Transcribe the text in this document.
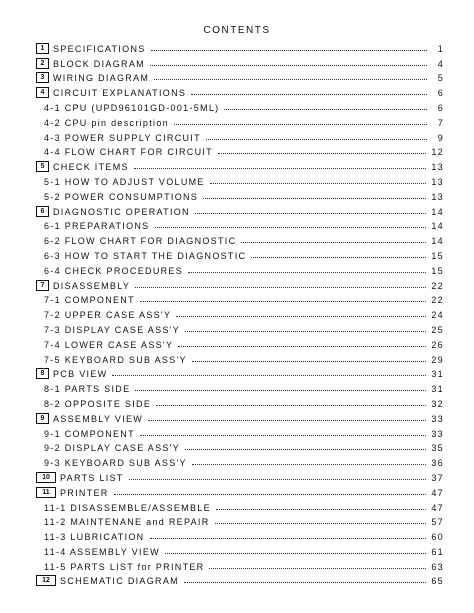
CONTENTS
1 SPECIFICATIONS	1
2 BLOCK DIAGRAM	4
3 WIRING DIAGRAM	5
4 CIRCUIT EXPLANATIONS	6
4-1 CPU (UPD96101GD-001-5ML)	6
4-2 CPU pin description	7
4-3 POWER SUPPLY CIRCUIT	9
4-4 FLOW CHART FOR CIRCUIT	12
5 CHECK ITEMS	13
5-1 HOW TO ADJUST VOLUME	13
5-2 POWER CONSUMPTIONS	13
6 DIAGNOSTIC OPERATION	14
6-1 PREPARATIONS	14
6-2 FLOW CHART FOR DIAGNOSTIC	14
6-3 HOW TO START THE DIAGNOSTIC	15
6-4 CHECK PROCEDURES	15
7 DISASSEMBLY	22
7-1 COMPONENT	22
7-2 UPPER CASE ASS'Y	24
7-3 DISPLAY CASE ASS'Y	25
7-4 LOWER CASE ASS'Y	26
7-5 KEYBOARD SUB ASS'Y	29
8 PCB VIEW	31
8-1 PARTS SIDE	31
8-2 OPPOSITE SIDE	32
9 ASSEMBLY VIEW	33
9-1 COMPONENT	33
9-2 DISPLAY CASE ASS'Y	35
9-3 KEYBOARD SUB ASS'Y	36
10	PARTS LIST	37
11	PRINTER	47
11-1 DISASSEMBLE/ASSEMBLE	47
11-2 MAINTENANE and REPAIR	57
11-3 LUBRICATION	60
11-4 ASSEMBLY VIEW	61
11-5 PARTS LIST for PRINTER	63
12	SCHEMATIC DIAGRAM	65
